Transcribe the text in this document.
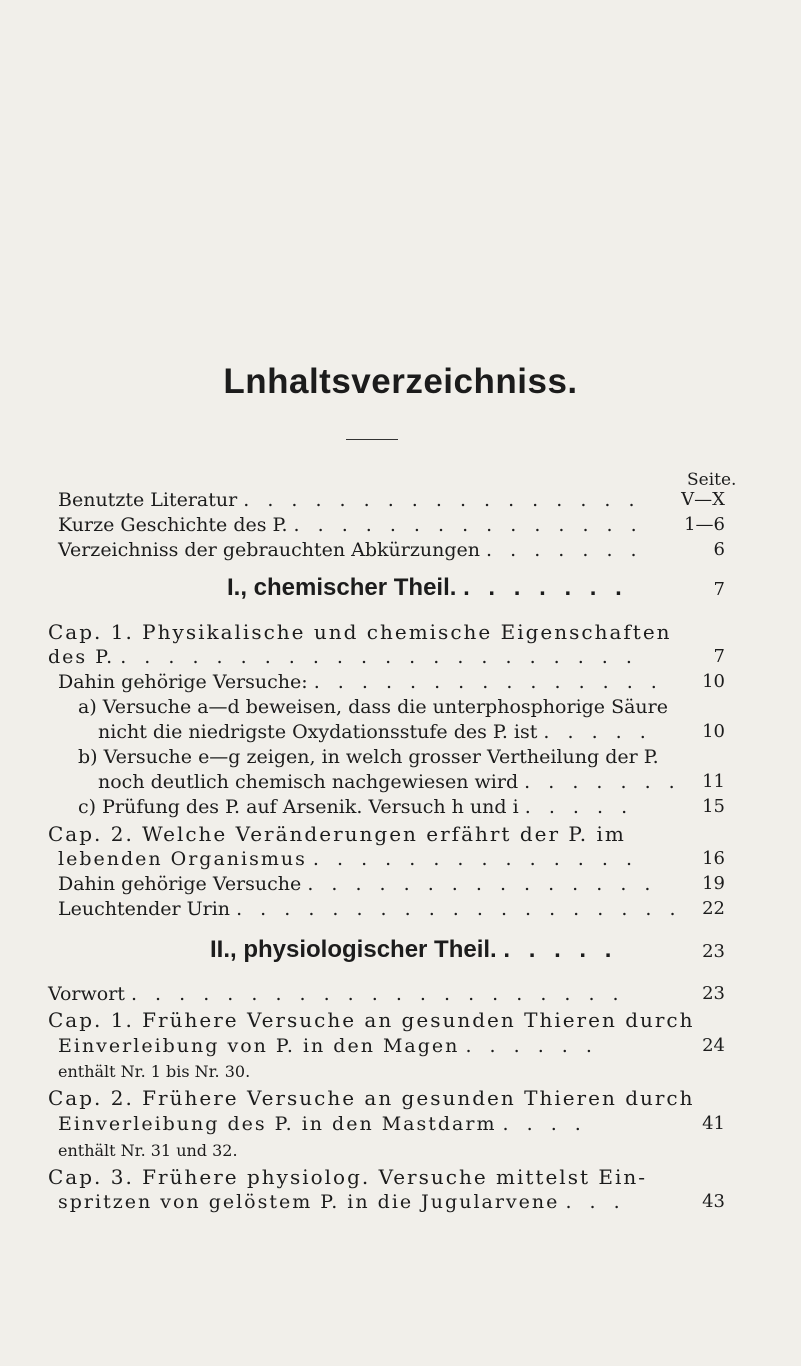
Lnhaltsverzeichniss.
Seite.
Benutzte Literatur . . . . . . . . . . . . . . . . .	V—X
Kurze Geschichte des P. . . . . . . . . . . . . . . .	1—6
Verzeichniss der gebrauchten Abkürzungen . . . . . . .	6
I., chemischer Theil. . . . . . . .	7
Cap. 1. Physikalische und chemische Eigenschaften
des P. . . . . . . . . . . . . . . . . . . . . . .	7
Dahin gehörige Versuche: . . . . . . . . . . . . . . .	10
a) Versuche a—d beweisen, dass die unterphosphorige Säure
nicht die niedrigste Oxydationsstufe des P. ist . . . . .	10
b) Versuche e—g zeigen, in welch grosser Vertheilung der P.
noch deutlich chemisch nachgewiesen wird . . . . . . .	11
c) Prüfung des P. auf Arsenik. Versuch h und i . . . . .	15
Cap. 2. Welche Veränderungen erfährt der P. im
lebenden Organismus . . . . . . . . . . . . . .	16
Dahin gehörige Versuche . . . . . . . . . . . . . . .	19
Leuchtender Urin . . . . . . . . . . . . . . . . . . .	22
II., physiologischer Theil. . . . . .	23
Vorwort . . . . . . . . . . . . . . . . . . . . .	23
Cap. 1. Frühere Versuche an gesunden Thieren durch
Einverleibung von P. in den Magen . . . . . .	24
enthält Nr. 1 bis Nr. 30.
Cap. 2. Frühere Versuche an gesunden Thieren durch
Einverleibung des P. in den Mastdarm . . . .	41
enthält Nr. 31 und 32.
Cap. 3. Frühere physiolog. Versuche mittelst Ein-
spritzen von gelöstem P. in die Jugularvene . . .	43
